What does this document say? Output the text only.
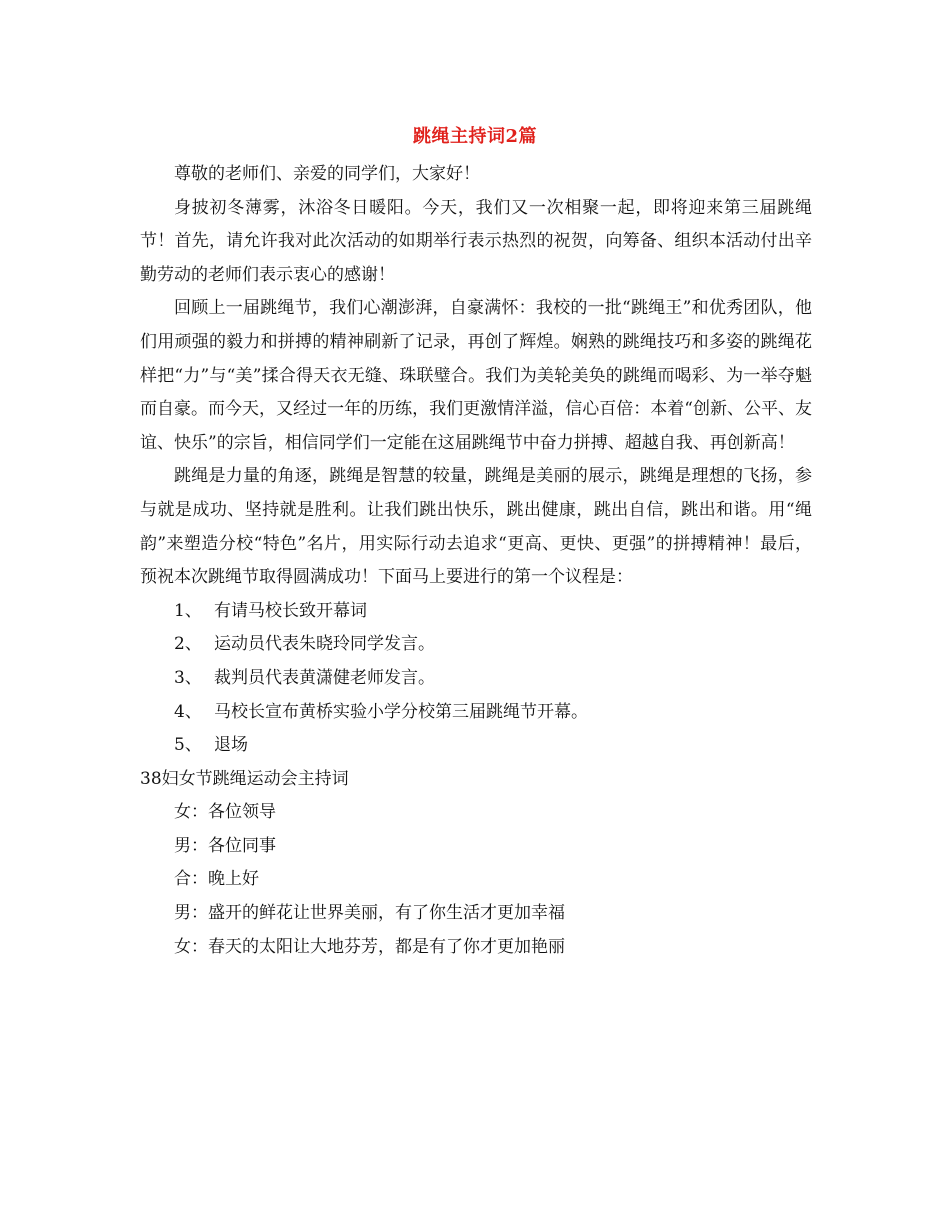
跳绳主持词2篇

尊敬的老师们、亲爱的同学们，大家好！

身披初冬薄雾，沐浴冬日暖阳。今天，我们又一次相聚一起，即将迎来第三届跳绳节！首先，请允许我对此次活动的如期举行表示热烈的祝贺，向筹备、组织本活动付出辛勤劳动的老师们表示衷心的感谢！

回顾上一届跳绳节，我们心潮澎湃，自豪满怀：我校的一批“跳绳王”和优秀团队，他们用顽强的毅力和拼搏的精神刷新了记录，再创了辉煌。娴熟的跳绳技巧和多姿的跳绳花样把“力”与“美”揉合得天衣无缝、珠联璧合。我们为美轮美奂的跳绳而喝彩、为一举夺魁而自豪。而今天，又经过一年的历练，我们更激情洋溢，信心百倍：本着“创新、公平、友谊、快乐”的宗旨，相信同学们一定能在这届跳绳节中奋力拼搏、超越自我、再创新高！

跳绳是力量的角逐，跳绳是智慧的较量，跳绳是美丽的展示，跳绳是理想的飞扬，参与就是成功、坚持就是胜利。让我们跳出快乐，跳出健康，跳出自信，跳出和谐。用“绳韵”来塑造分校“特色”名片，用实际行动去追求“更高、更快、更强”的拼搏精神！最后，预祝本次跳绳节取得圆满成功！下面马上要进行的第一个议程是：

1、 有请马校长致开幕词

2、 运动员代表朱晓玲同学发言。

3、 裁判员代表黄潇健老师发言。

4、 马校长宣布黄桥实验小学分校第三届跳绳节开幕。

5、 退场

38妇女节跳绳运动会主持词

女：各位领导

男：各位同事

合：晚上好

男：盛开的鲜花让世界美丽，有了你生活才更加幸福

女：春天的太阳让大地芬芳，都是有了你才更加艳丽
